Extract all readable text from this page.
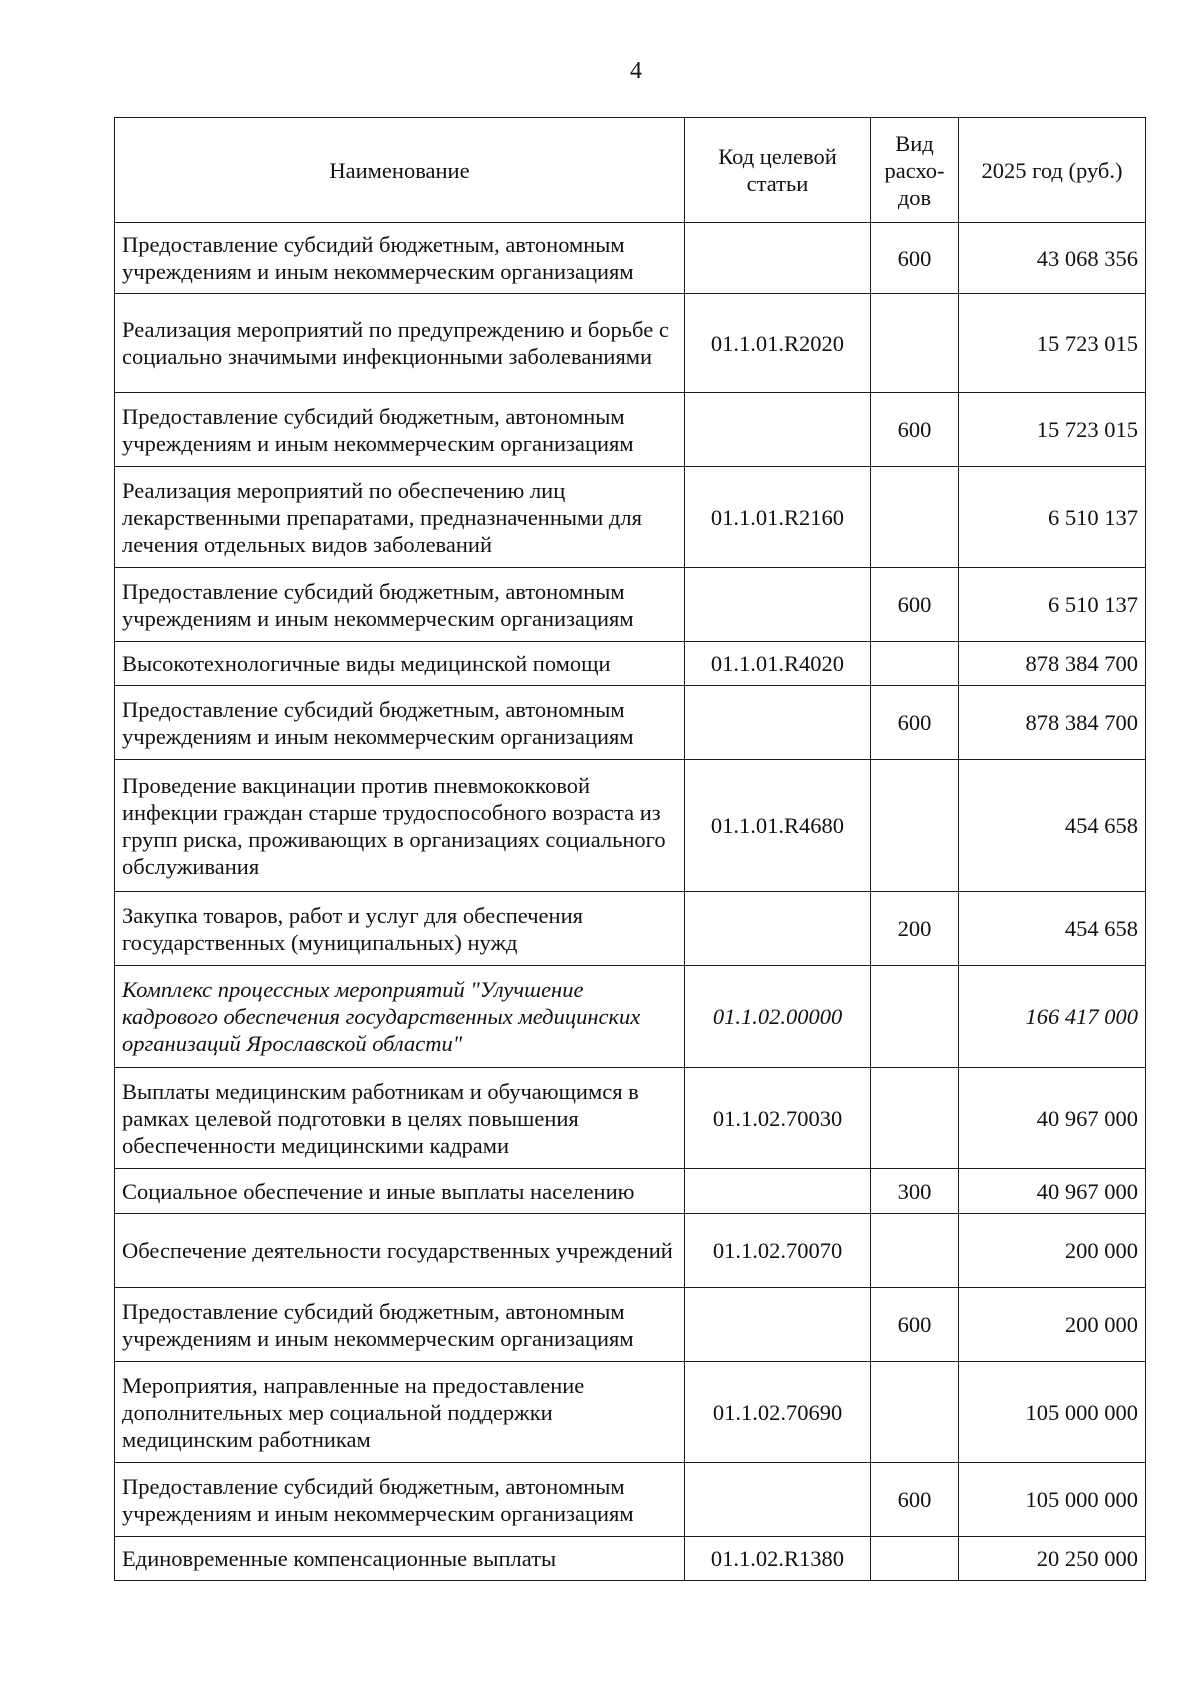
4
Наименование	Код целевой статьи	Вид расхо-дов	2025 год (руб.)
Предоставление субсидий бюджетным, автономным учреждениям и иным некоммерческим организациям		600	43 068 356
Реализация мероприятий по предупреждению и борьбе с социально значимыми инфекционными заболеваниями	01.1.01.R2020		15 723 015
Предоставление субсидий бюджетным, автономным учреждениям и иным некоммерческим организациям		600	15 723 015
Реализация мероприятий по обеспечению лиц лекарственными препаратами, предназначенными для лечения отдельных видов заболеваний	01.1.01.R2160		6 510 137
Предоставление субсидий бюджетным, автономным учреждениям и иным некоммерческим организациям		600	6 510 137
Высокотехнологичные виды медицинской помощи	01.1.01.R4020		878 384 700
Предоставление субсидий бюджетным, автономным учреждениям и иным некоммерческим организациям		600	878 384 700
Проведение вакцинации против пневмококковой инфекции граждан старше трудоспособного возраста из групп риска, проживающих в организациях социального обслуживания	01.1.01.R4680		454 658
Закупка товаров, работ и услуг для обеспечения государственных (муниципальных) нужд		200	454 658
Комплекс процессных мероприятий "Улучшение кадрового обеспечения государственных медицинских организаций Ярославской области"	01.1.02.00000		166 417 000
Выплаты медицинским работникам и обучающимся в рамках целевой подготовки в целях повышения обеспеченности медицинскими кадрами	01.1.02.70030		40 967 000
Социальное обеспечение и иные выплаты населению		300	40 967 000
Обеспечение деятельности государственных учреждений	01.1.02.70070		200 000
Предоставление субсидий бюджетным, автономным учреждениям и иным некоммерческим организациям		600	200 000
Мероприятия, направленные на предоставление дополнительных мер социальной поддержки медицинским работникам	01.1.02.70690		105 000 000
Предоставление субсидий бюджетным, автономным учреждениям и иным некоммерческим организациям		600	105 000 000
Единовременные компенсационные выплаты	01.1.02.R1380		20 250 000
